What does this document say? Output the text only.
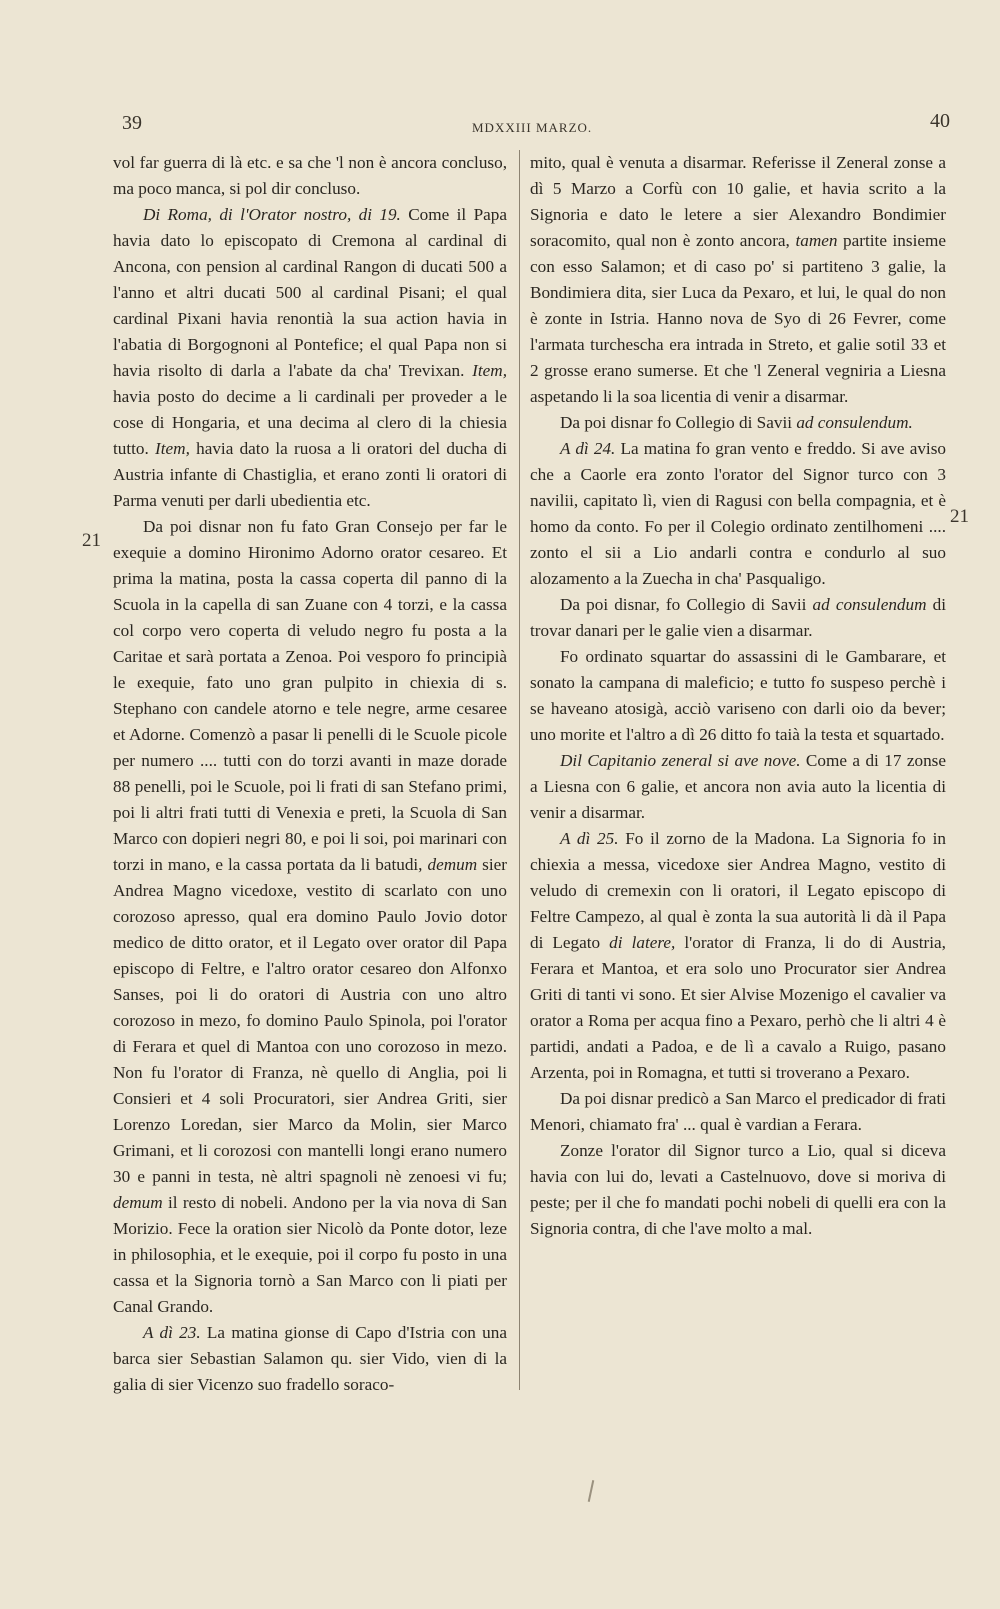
39	MDXXIII MARZO.	40
21
21

vol far guerra di là etc. e sa che 'l non è ancora concluso, ma poco manca, si pol dir concluso.

Di Roma, di l'Orator nostro, di 19. Come il Papa havia dato lo episcopato di Cremona al cardinal di Ancona, con pension al cardinal Rangon di ducati 500 a l'anno et altri ducati 500 al cardinal Pisani; el qual cardinal Pixani havia renontià la sua action havia in l'abatia di Borgognoni al Pontefice; el qual Papa non si havia risolto di darla a l'abate da cha' Trevixan. Item, havia posto do decime a li cardinali per proveder a le cose di Hongaria, et una decima al clero di la chiesia tutto. Item, havia dato la ruosa a li oratori del ducha di Austria infante di Chastiglia, et erano zonti li oratori di Parma venuti per darli ubedientia etc.

Da poi disnar non fu fato Gran Consejo per far le exequie a domino Hironimo Adorno orator cesareo. Et prima la matina, posta la cassa coperta dil panno di la Scuola in la capella di san Zuane con 4 torzi, e la cassa col corpo vero coperta di veludo negro fu posta a la Caritae et sarà portata a Zenoa. Poi vesporo fo principià le exequie, fato uno gran pulpito in chiexia di s. Stephano con candele atorno e tele negre, arme cesaree et Adorne. Comenzò a pasar li penelli di le Scuole picole per numero .... tutti con do torzi avanti in maze dorade 88 penelli, poi le Scuole, poi li frati di san Stefano primi, poi li altri frati tutti di Venexia e preti, la Scuola di San Marco con dopieri negri 80, e poi li soi, poi marinari con torzi in mano, e la cassa portata da li batudi, demum sier Andrea Magno vicedoxe, vestito di scarlato con uno corozoso apresso, qual era domino Paulo Jovio dotor medico de ditto orator, et il Legato over orator dil Papa episcopo di Feltre, e l'altro orator cesareo don Alfonxo Sanses, poi li do oratori di Austria con uno altro corozoso in mezo, fo domino Paulo Spinola, poi l'orator di Ferara et quel di Mantoa con uno corozoso in mezo. Non fu l'orator di Franza, nè quello di Anglia, poi li Consieri et 4 soli Procuratori, sier Andrea Griti, sier Lorenzo Loredan, sier Marco da Molin, sier Marco Grimani, et li corozosi con mantelli longi erano numero 30 e panni in testa, nè altri spagnoli nè zenoesi vi fu; demum il resto di nobeli. Andono per la via nova di San Morizio. Fece la oration sier Nicolò da Ponte dotor, leze in philosophia, et le exequie, poi il corpo fu posto in una cassa et la Signoria tornò a San Marco con li piati per Canal Grando.

A dì 23. La matina gionse di Capo d'Istria con una barca sier Sebastian Salamon qu. sier Vido, vien di la galia di sier Vicenzo suo fradello soraco-

mito, qual è venuta a disarmar. Referisse il Zeneral zonse a dì 5 Marzo a Corfù con 10 galie, et havia scrito a la Signoria e dato le letere a sier Alexandro Bondimier soracomito, qual non è zonto ancora, tamen partite insieme con esso Salamon; et di caso po' si partiteno 3 galie, la Bondimiera dita, sier Luca da Pexaro, et lui, le qual do non è zonte in Istria. Hanno nova de Syo di 26 Fevrer, come l'armata turchescha era intrada in Streto, et galie sotil 33 et 2 grosse erano sumerse. Et che 'l Zeneral vegniria a Liesna aspetando li la soa licentia di venir a disarmar.

Da poi disnar fo Collegio di Savii ad consulendum.

A dì 24. La matina fo gran vento e freddo. Si ave aviso che a Caorle era zonto l'orator del Signor turco con 3 navilii, capitato lì, vien di Ragusi con bella compagnia, et è homo da conto. Fo per il Colegio ordinato zentilhomeni .... zonto el sii a Lio andarli contra e condurlo al suo alozamento a la Zuecha in cha' Pasqualigo.

Da poi disnar, fo Collegio di Savii ad consulendum di trovar danari per le galie vien a disarmar.

Fo ordinato squartar do assassini di le Gambarare, et sonato la campana di maleficio; e tutto fo suspeso perchè i se haveano atosigà, acciò variseno con darli oio da bever; uno morite et l'altro a dì 26 ditto fo taià la testa et squartado.

Dil Capitanio zeneral si ave nove. Come a di 17 zonse a Liesna con 6 galie, et ancora non avia auto la licentia di venir a disarmar.

A dì 25. Fo il zorno de la Madona. La Signoria fo in chiexia a messa, vicedoxe sier Andrea Magno, vestito di veludo di cremexin con li oratori, il Legato episcopo di Feltre Campezo, al qual è zonta la sua autorità li dà il Papa di Legato di latere, l'orator di Franza, li do di Austria, Ferara et Mantoa, et era solo uno Procurator sier Andrea Griti di tanti vi sono. Et sier Alvise Mozenigo el cavalier va orator a Roma per acqua fino a Pexaro, perhò che li altri 4 è partidi, andati a Padoa, e de lì a cavalo a Ruigo, pasano Arzenta, poi in Romagna, et tutti si troverano a Pexaro.

Da poi disnar predicò a San Marco el predicador di frati Menori, chiamato fra' ... qual è vardian a Ferara.

Zonze l'orator dil Signor turco a Lio, qual si diceva havia con lui do, levati a Castelnuovo, dove si moriva di peste; per il che fo mandati pochi nobeli di quelli era con la Signoria contra, di che l'ave molto a mal.
